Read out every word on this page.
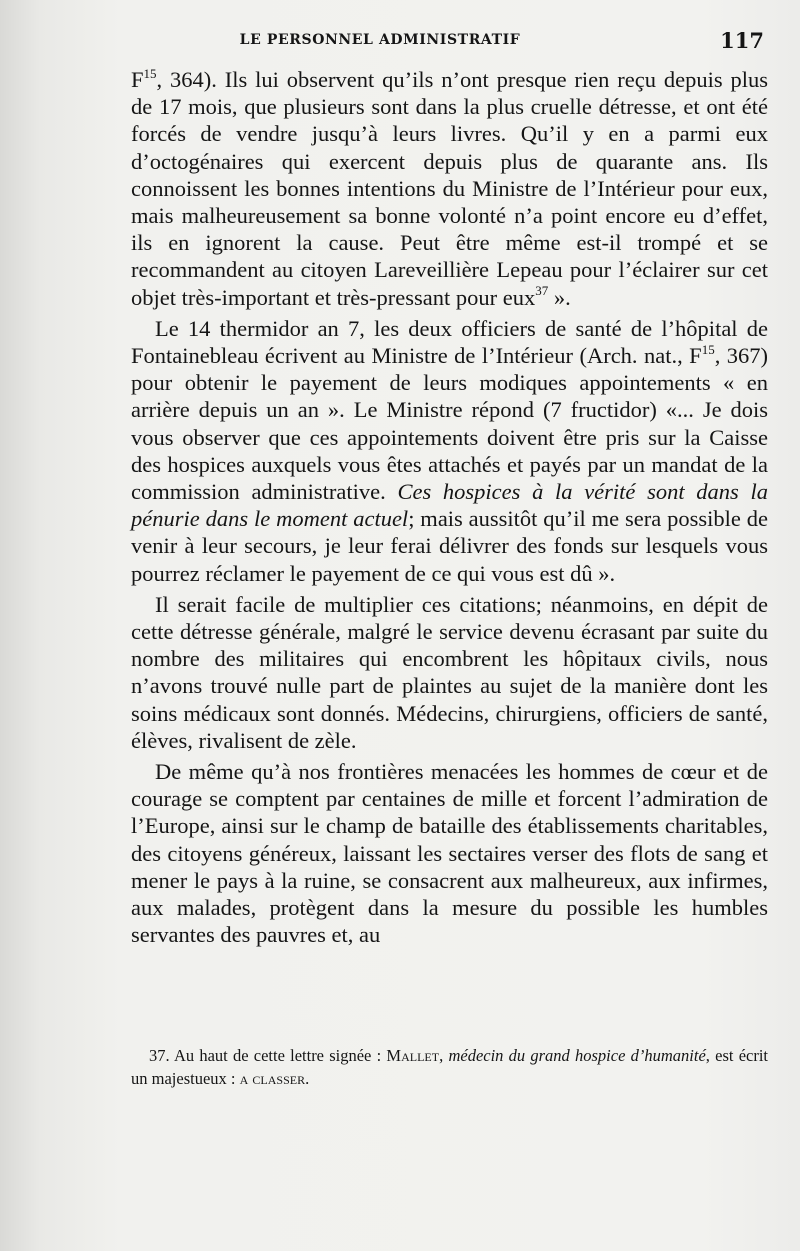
LE PERSONNEL ADMINISTRATIF	117

$F^{15}$, 364). Ils lui observent qu’ils n’ont presque rien reçu depuis plus de 17 mois, que plusieurs sont dans la plus cruelle détresse, et ont été forcés de vendre jusqu’à leurs livres. Qu’il y en a parmi eux d’octogénaires qui exercent depuis plus de quarante ans. Ils connoissent les bonnes intentions du Ministre de l’Intérieur pour eux, mais malheureusement sa bonne volonté n’a point encore eu d’effet, ils en ignorent la cause. Peut être même est-il trompé et se recommandent au citoyen Lareveillière Lepeau pour l’éclairer sur cet objet très-important et très-pressant pour eux$^{37}$ ».

Le 14 thermidor an 7, les deux officiers de santé de l’hôpital de Fontainebleau écrivent au Ministre de l’Intérieur (Arch. nat., $F^{15}$, 367) pour obtenir le payement de leurs modiques appointements « en arrière depuis un an ». Le Ministre répond (7 fructidor) «... Je dois vous observer que ces appointements doivent être pris sur la Caisse des hospices auxquels vous êtes attachés et payés par un mandat de la commission administrative. Ces hospices à la vérité sont dans la pénurie dans le moment actuel; mais aussitôt qu’il me sera possible de venir à leur secours, je leur ferai délivrer des fonds sur lesquels vous pourrez réclamer le payement de ce qui vous est dû ».

Il serait facile de multiplier ces citations; néanmoins, en dépit de cette détresse générale, malgré le service devenu écrasant par suite du nombre des militaires qui encombrent les hôpitaux civils, nous n’avons trouvé nulle part de plaintes au sujet de la manière dont les soins médicaux sont donnés. Médecins, chirurgiens, officiers de santé, élèves, rivalisent de zèle.

De même qu’à nos frontières menacées les hommes de cœur et de courage se comptent par centaines de mille et forcent l’admiration de l’Europe, ainsi sur le champ de bataille des établissements charitables, des citoyens généreux, laissant les sectaires verser des flots de sang et mener le pays à la ruine, se consacrent aux malheureux, aux infirmes, aux malades, protègent dans la mesure du possible les humbles servantes des pauvres et, au

37. Au haut de cette lettre signée : Mallet, médecin du grand hospice d’humanité, est écrit un majestueux : a classer.
